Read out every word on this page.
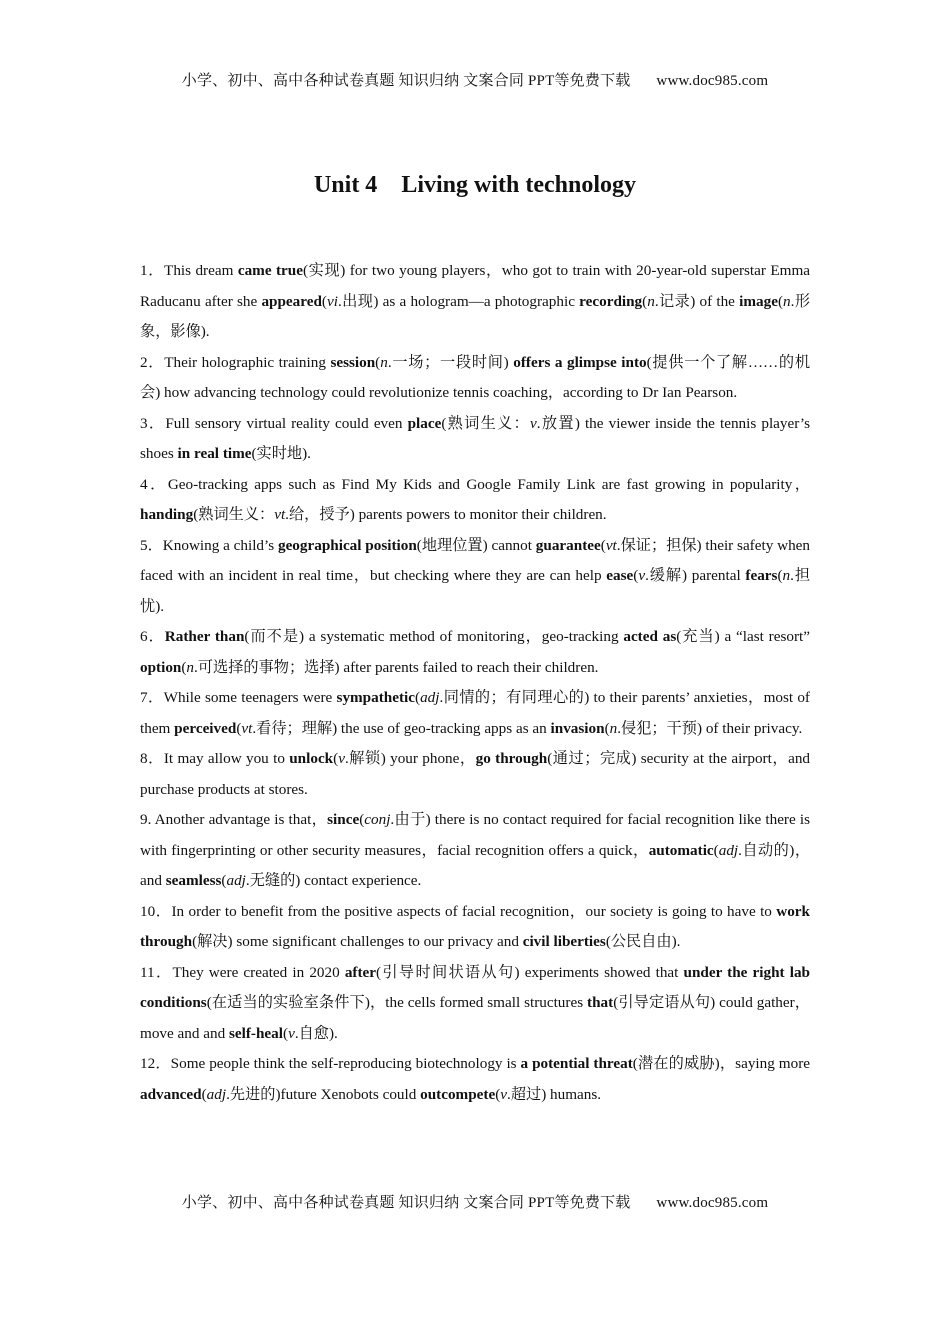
小学、初中、高中各种试卷真题 知识归纳 文案合同 PPT等免费下载 www.doc985.com
Unit 4 Living with technology

1．This dream came true(实现) for two young players，who got to train with 20-year-old superstar Emma Raducanu after she appeared(vi.出现) as a hologram—a photographic recording(n.记录) of the image(n.形象，影像).

2．Their holographic training session(n.一场；一段时间) offers a glimpse into(提供一个了解……的机会) how advancing technology could revolutionize tennis coaching，according to Dr Ian Pearson.

3．Full sensory virtual reality could even place(熟词生义：v.放置) the viewer inside the tennis player’s shoes in real time(实时地).

4．Geo-tracking apps such as Find My Kids and Google Family Link are fast growing in popularity，handing(熟词生义：vt.给，授予) parents powers to monitor their children.

5．Knowing a child’s geographical position(地理位置) cannot guarantee(vt.保证；担保) their safety when faced with an incident in real time，but checking where they are can help ease(v.缓解) parental fears(n.担忧).

6．Rather than(而不是) a systematic method of monitoring，geo-tracking acted as(充当) a “last resort” option(n.可选择的事物；选择) after parents failed to reach their children.

7．While some teenagers were sympathetic(adj.同情的；有同理心的) to their parents’ anxieties，most of them perceived(vt.看待；理解) the use of geo-tracking apps as an invasion(n.侵犯；干预) of their privacy.

8．It may allow you to unlock(v.解锁) your phone，go through(通过；完成) security at the airport，and purchase products at stores.

9. Another advantage is that，since(conj.由于) there is no contact required for facial recognition like there is with fingerprinting or other security measures，facial recognition offers a quick，automatic(adj.自动的)，and seamless(adj.无缝的) contact experience.

10．In order to benefit from the positive aspects of facial recognition，our society is going to have to work through(解决) some significant challenges to our privacy and civil liberties(公民自由).

11．They were created in 2020 after(引导时间状语从句) experiments showed that under the right lab conditions(在适当的实验室条件下)，the cells formed small structures that(引导定语从句) could gather，move and and self-heal(v.自愈).

12．Some people think the self-reproducing biotechnology is a potential threat(潜在的威胁)，saying more advanced(adj.先进的)future Xenobots could outcompete(v.超过) humans.

小学、初中、高中各种试卷真题 知识归纳 文案合同 PPT等免费下载 www.doc985.com
